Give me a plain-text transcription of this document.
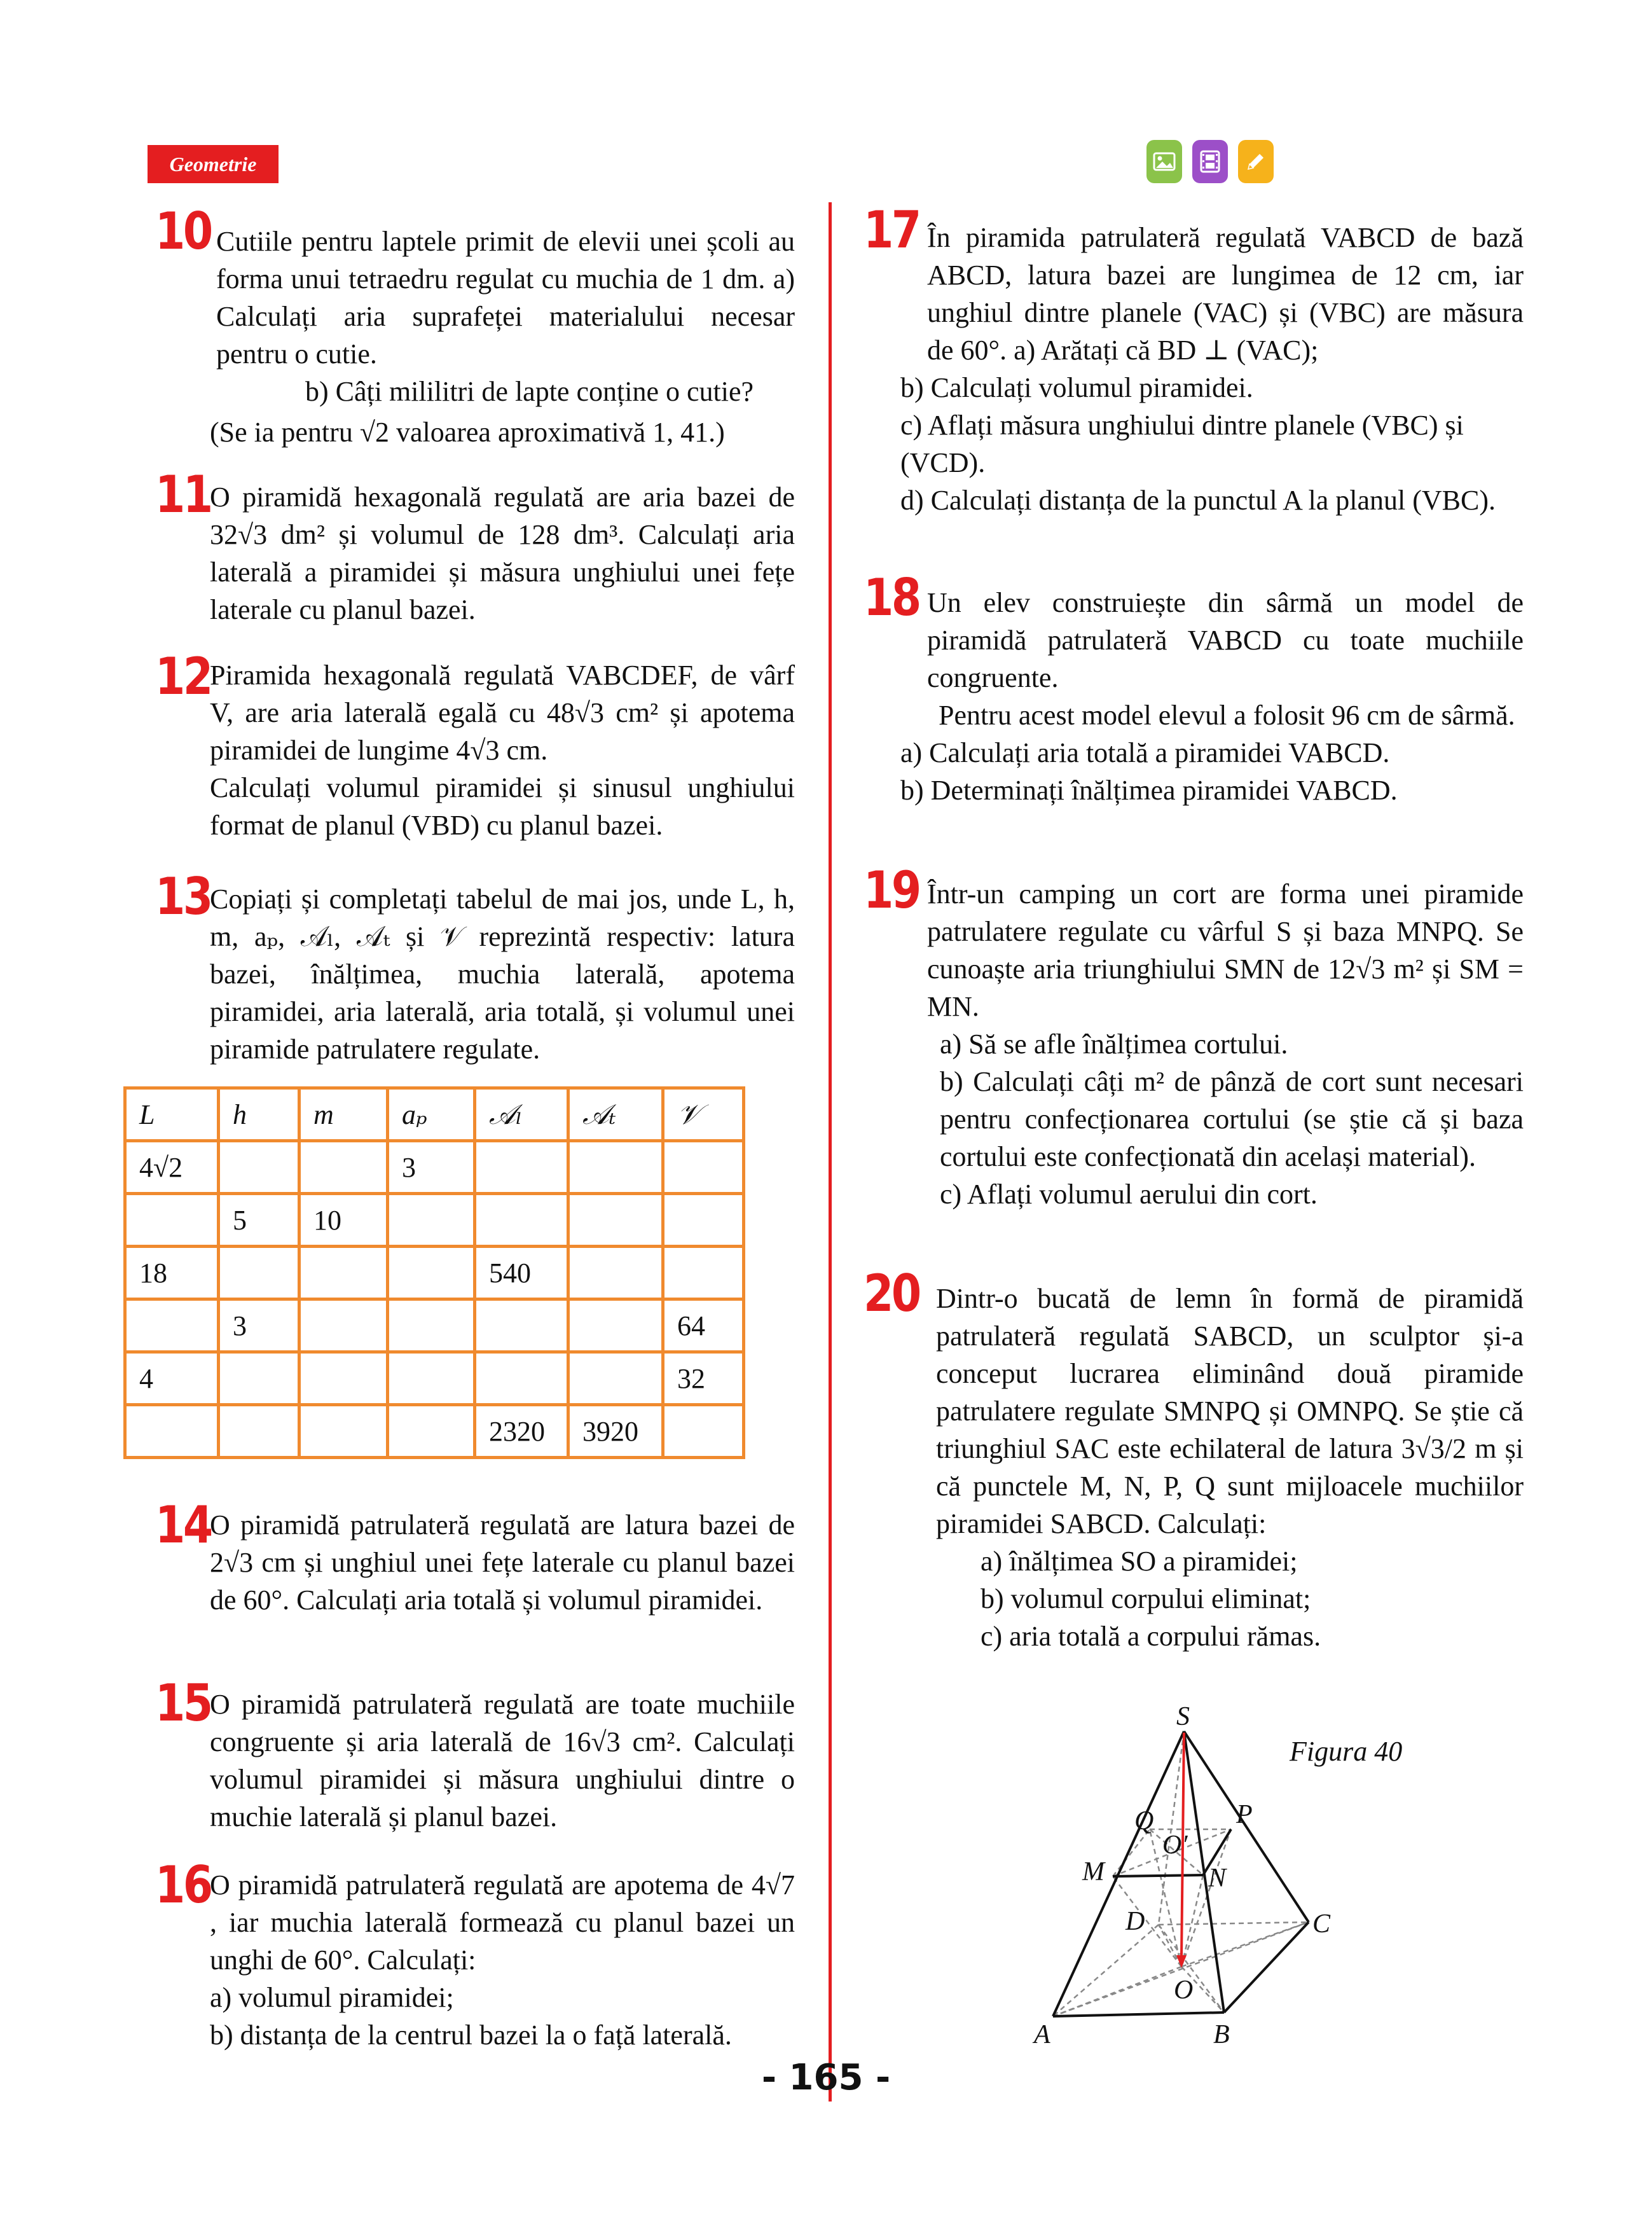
Geometrie
10 Cutiile pentru laptele primit de elevii unei școli au forma unui tetraedru regulat cu muchia de 1 dm. a) Calculați aria suprafeței materialului necesar pentru o cutie.

b) Câți mililitri de lapte conține o cutie?

(Se ia pentru √2 valoarea aproximativă 1, 41.)

11

O piramidă hexagonală regulată are aria bazei de 32√3 dm² și volumul de 128 dm³. Calculați aria laterală a piramidei și măsura unghiului unei fețe laterale cu planul bazei.

12

Piramida hexagonală regulată VABCDEF, de vârf V, are aria laterală egală cu 48√3 cm² și apotema piramidei de lungime 4√3 cm.

Calculați volumul piramidei și sinusul unghiului format de planul (VBD) cu planul bazei.

13

Copiați și completați tabelul de mai jos, unde L, h, m, aₚ, 𝒜ₗ, 𝒜ₜ și 𝒱 reprezintă respectiv: latura bazei, înălțimea, muchia laterală, apotema piramidei, aria laterală, aria totală, și volumul unei piramide patrulatere regulate.

L	h	m	aₚ	𝒜ₗ	𝒜ₜ	𝒱
4√2			3			
	5	10				
18				540		
	3					64
4						32
				2320	3920	
14

O piramidă patrulateră regulată are latura bazei de 2√3 cm și unghiul unei fețe laterale cu planul bazei de 60°. Calculați aria totală și volumul piramidei.

15

O piramidă patrulateră regulată are toate muchiile congruente și aria laterală de 16√3 cm². Calculați volumul piramidei și măsura unghiului dintre o muchie laterală și planul bazei.

16

O piramidă patrulateră regulată are apotema de 4√7 , iar muchia laterală formează cu planul bazei un unghi de 60°. Calculați:

a) volumul piramidei;

b) distanța de la centrul bazei la o față laterală.

17 În piramida patrulateră regulată VABCD de bază ABCD, latura bazei are lungimea de 12 cm, iar unghiul dintre planele (VAC) și (VBC) are măsura de 60°. a) Arătați că BD ⊥ (VAC);

b) Calculați volumul piramidei.

c) Aflați măsura unghiului dintre planele (VBC) și (VCD).

d) Calculați distanța de la punctul A la planul (VBC).

18 Un elev construiește din sârmă un model de piramidă patrulateră VABCD cu toate muchiile congruente.

Pentru acest model elevul a folosit 96 cm de sârmă.

a) Calculați aria totală a piramidei VABCD.

b) Determinați înălțimea piramidei VABCD.

19 Într-un camping un cort are forma unei piramide patrulatere regulate cu vârful S și baza MNPQ. Se cunoaște aria triunghiului SMN de 12√3 m² și SM = MN.

a) Să se afle înălțimea cortului.

b) Calculați câți m² de pânză de cort sunt necesari pentru confecționarea cortului (se știe că și baza cortului este confecționată din același material).

c) Aflați volumul aerului din cort.

20 Dintr-o bucată de lemn în formă de piramidă patrulateră regulată SABCD, un sculptor și-a conceput lucrarea eliminând două piramide patrulatere regulate SMNPQ și OMNPQ. Se știe că triunghiul SAC este echilateral de latura 3√3/2 m și că punctele M, N, P, Q sunt mijloacele muchiilor piramidei SABCD. Calculați:

a) înălțimea SO a piramidei;

b) volumul corpului eliminat;

c) aria totală a corpului rămas.

Figura 40
S
P
Q
O′
M	N
D	C
O
A	B
- 165 -
